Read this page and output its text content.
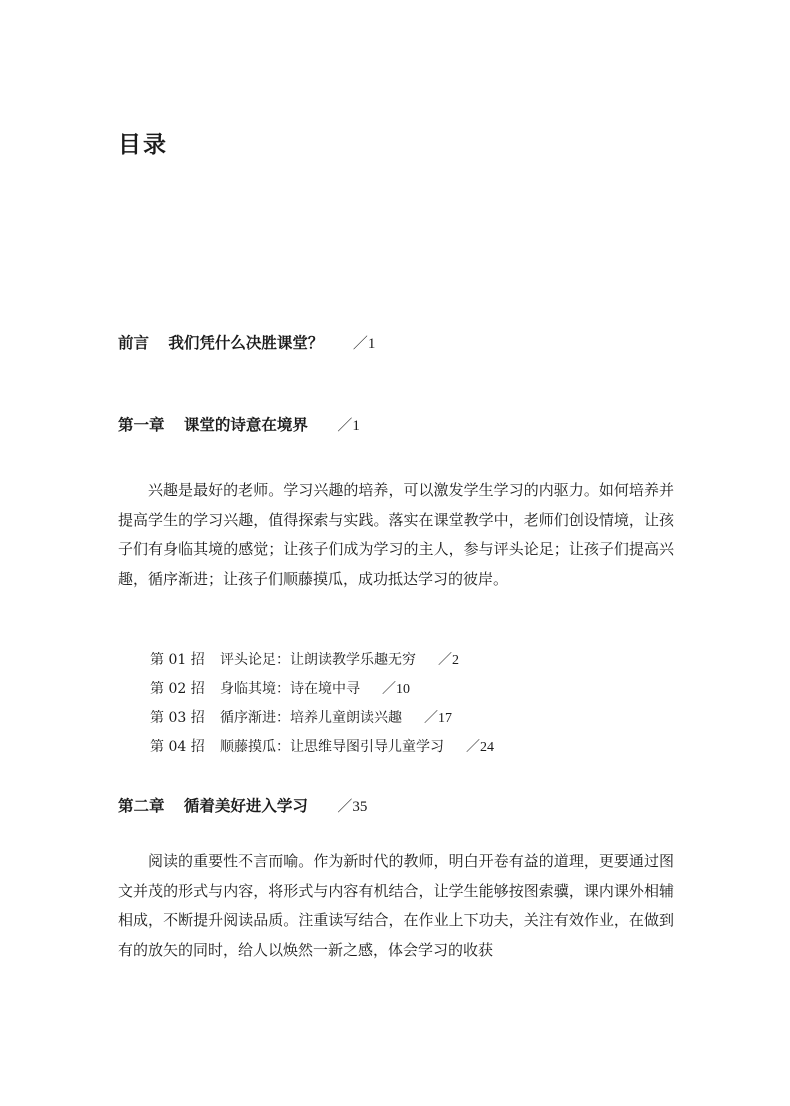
目录
前言 我们凭什么决胜课堂？ ／1
第一章 课堂的诗意在境界 ／1

兴趣是最好的老师。学习兴趣的培养，可以激发学生学习的内驱力。如何培养并提高学生的学习兴趣，值得探索与实践。落实在课堂教学中，老师们创设情境，让孩子们有身临其境的感觉；让孩子们成为学习的主人，参与评头论足；让孩子们提高兴趣，循序渐进；让孩子们顺藤摸瓜，成功抵达学习的彼岸。

第 01 招 评头论足：让朗读教学乐趣无穷 ／2
第 02 招 身临其境：诗在境中寻 ／10
第 03 招 循序渐进：培养儿童朗读兴趣 ／17
第 04 招 顺藤摸瓜：让思维导图引导儿童学习 ／24
第二章 循着美好进入学习 ／35

阅读的重要性不言而喻。作为新时代的教师，明白开卷有益的道理，更要通过图文并茂的形式与内容，将形式与内容有机结合，让学生能够按图索骥，课内课外相辅相成，不断提升阅读品质。注重读写结合，在作业上下功夫，关注有效作业，在做到有的放矢的同时，给人以焕然一新之感，体会学习的收获
